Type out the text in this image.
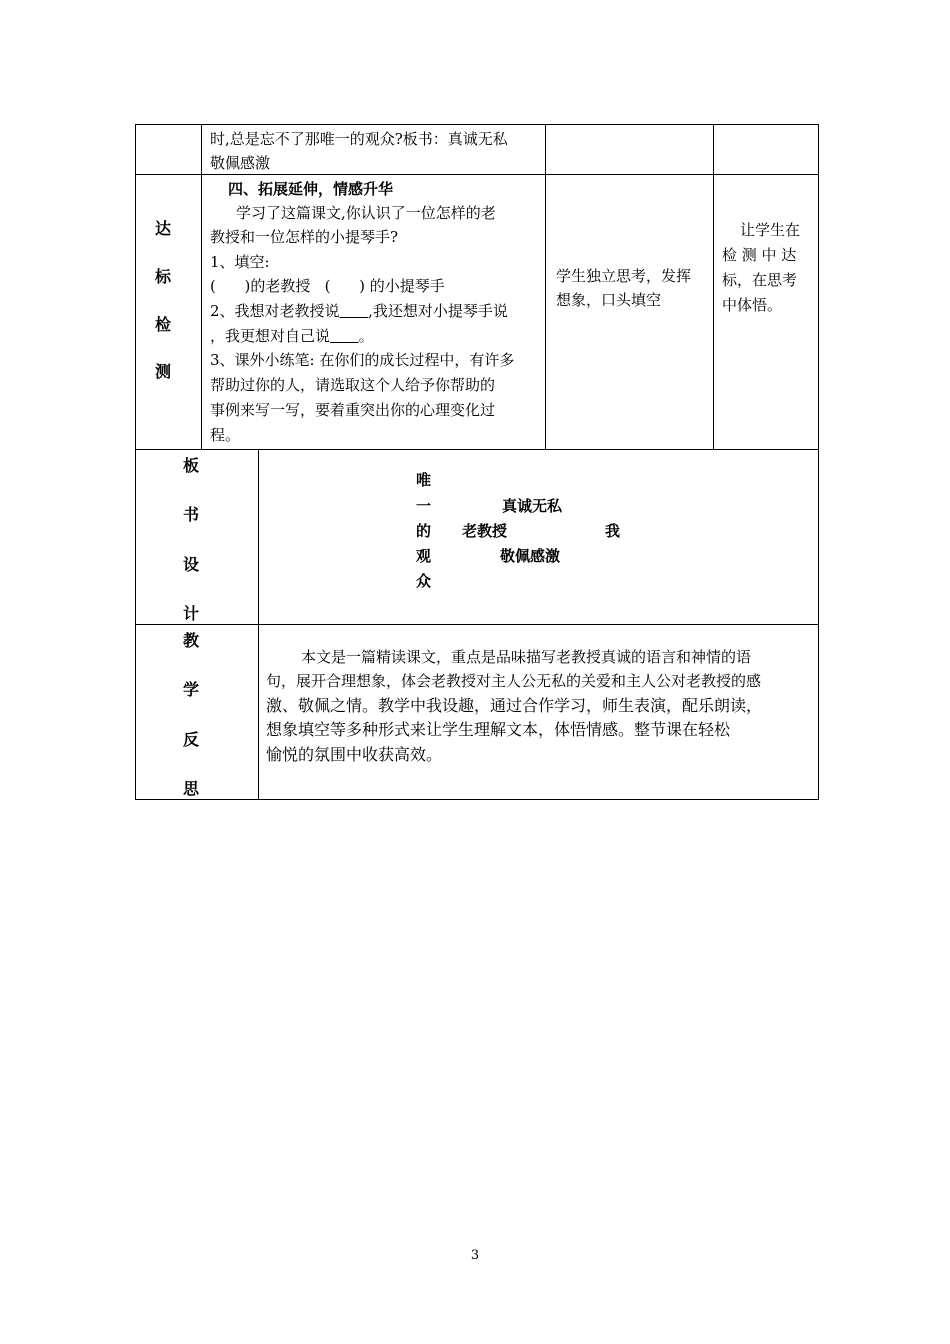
时,总是忘不了那唯一的观众?板书：真诚无私
敬佩感激
达
标
检
测
四、拓展延伸，情感升华
学习了这篇课文,你认识了一位怎样的老
教授和一位怎样的小提琴手?
1、填空:
(      )的老教授   (      ) 的小提琴手
2、我想对老教授说 ,我还想对小提琴手说
，我更想对自己说 。
3、课外小练笔: 在你们的成长过程中，有许多
帮助过你的人，请选取这个人给予你帮助的
事例来写一写，要着重突出你的心理变化过
程。
学生独立思考，发挥
想象，口头填空
让学生在
检 测 中 达
标，在思考
中体悟。
板
书
设
计
唯
一
的
观
众
真诚无私
老教授	我
敬佩感激
教
学
反
思
本文是一篇精读课文，重点是品味描写老教授真诚的语言和神情的语
句，展开合理想象，体会老教授对主人公无私的关爱和主人公对老教授的感
激、敬佩之情。教学中我设趣，通过合作学习，师生表演，配乐朗读，
想象填空等多种形式来让学生理解文本，体悟情感。整节课在轻松
愉悦的氛围中收获高效。
3
